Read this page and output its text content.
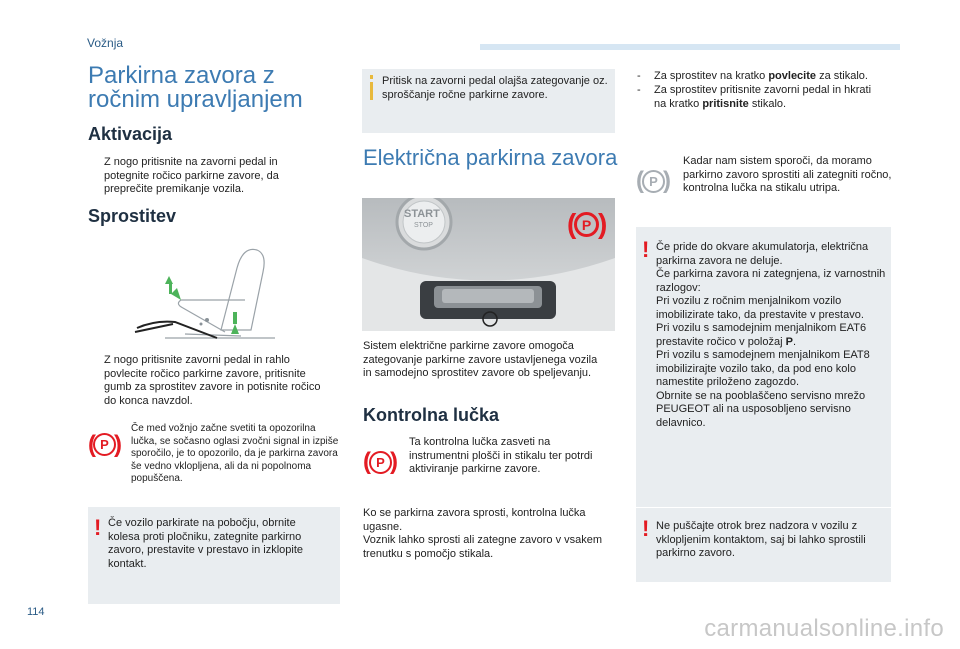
Vožnja
Parkirna zavora z ročnim upravljanjem
Aktivacija

Z nogo pritisnite na zavorni pedal in potegnite ročico parkirne zavore, da preprečite premikanje vozila.

Sprostitev

Z nogo pritisnite zavorni pedal in rahlo povlecite ročico parkirne zavore, pritisnite gumb za sprostitev zavore in potisnite ročico do konca navzdol.

( P )

Če med vožnjo začne svetiti ta opozorilna lučka, se sočasno oglasi zvočni signal in izpiše sporočilo, je to opozorilo, da je parkirna zavora še vedno vklopljena, ali da ni popolnoma popuščena.

! Če vozilo parkirate na pobočju, obrnite kolesa proti pločniku, zategnite parkirno zavoro, prestavite v prestavo in izklopite kontakt.

Pritisk na zavorni pedal olajša zategovanje oz. sproščanje ročne parkirne zavore.

Električna parkirna zavora
START
STOP	( P )

Sistem električne parkirne zavore omogoča zategovanje parkirne zavore ustavljenega vozila in samodejno sprostitev zavore ob speljevanju.

Kontrolna lučka
( P )

Ta kontrolna lučka zasveti na instrumentni plošči in stikalu ter potrdi aktiviranje parkirne zavore.

Ko se parkirna zavora sprosti, kontrolna lučka ugasne.
Voznik lahko sprosti ali zategne zavoro v vsakem trenutku s pomočjo stikala.

- Za sprostitev na kratko povlecite za stikalo.

- Za sprostitev pritisnite zavorni pedal in hkrati na kratko pritisnite stikalo.

( P )

Kadar nam sistem sporoči, da moramo parkirno zavoro sprostiti ali zategniti ročno, kontrolna lučka na stikalu utripa.

! Če pride do okvare akumulatorja, električna parkirna zavora ne deluje.
Če parkirna zavora ni zategnjena, iz varnostnih razlogov:
Pri vozilu z ročnim menjalnikom vozilo imobilizirate tako, da prestavite v prestavo.
Pri vozilu s samodejnim menjalnikom EAT6 prestavite ročico v položaj P.
Pri vozilu s samodejnem menjalnikom EAT8 imobilizirajte vozilo tako, da pod eno kolo namestite priloženo zagozdo.
Obrnite se na pooblaščeno servisno mrežo PEUGEOT ali na usposobljeno servisno delavnico.

! Ne puščajte otrok brez nadzora v vozilu z vklopljenim kontaktom, saj bi lahko sprostili parkirno zavoro.

114
carmanualsonline.info
